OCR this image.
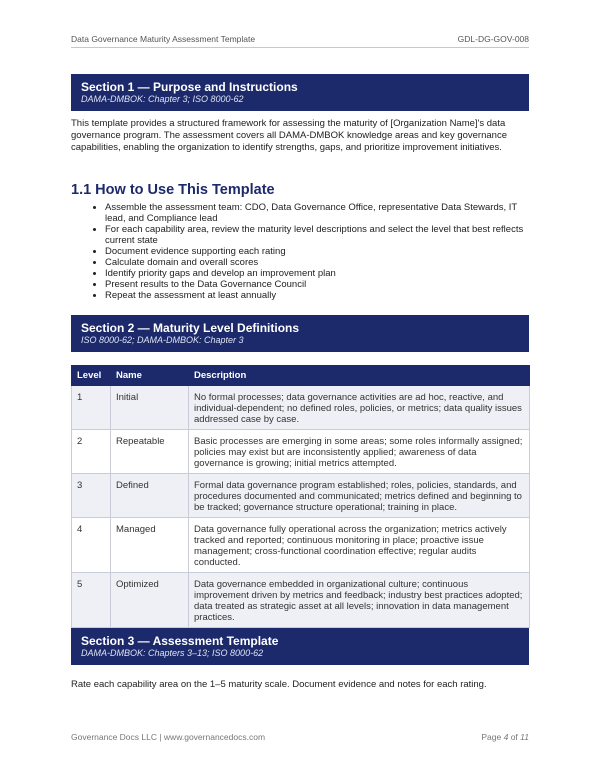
Data Governance Maturity Assessment Template	GDL-DG-GOV-008
Section 1 — Purpose and Instructions
DAMA-DMBOK: Chapter 3; ISO 8000-62
This template provides a structured framework for assessing the maturity of [Organization Name]'s data governance program. The assessment covers all DAMA-DMBOK knowledge areas and key governance capabilities, enabling the organization to identify strengths, gaps, and prioritize improvement initiatives.
1.1 How to Use This Template
• Assemble the assessment team: CDO, Data Governance Office, representative Data Stewards, IT lead, and Compliance lead
• For each capability area, review the maturity level descriptions and select the level that best reflects current state
• Document evidence supporting each rating
• Calculate domain and overall scores
• Identify priority gaps and develop an improvement plan
• Present results to the Data Governance Council
• Repeat the assessment at least annually
Section 2 — Maturity Level Definitions
ISO 8000-62; DAMA-DMBOK: Chapter 3
Level	Name	Description
1	Initial	No formal processes; data governance activities are ad hoc, reactive, and individual-dependent; no defined roles, policies, or metrics; data quality issues addressed case by case.
2	Repeatable	Basic processes are emerging in some areas; some roles informally assigned; policies may exist but are inconsistently applied; awareness of data governance is growing; initial metrics attempted.
3	Defined	Formal data governance program established; roles, policies, standards, and procedures documented and communicated; metrics defined and beginning to be tracked; governance structure operational; training in place.
4	Managed	Data governance fully operational across the organization; metrics actively tracked and reported; continuous monitoring in place; proactive issue management; cross-functional coordination effective; regular audits conducted.
5	Optimized	Data governance embedded in organizational culture; continuous improvement driven by metrics and feedback; industry best practices adopted; data treated as strategic asset at all levels; innovation in data management practices.
Section 3 — Assessment Template
DAMA-DMBOK: Chapters 3–13; ISO 8000-62
Rate each capability area on the 1–5 maturity scale. Document evidence and notes for each rating.
Governance Docs LLC | www.governancedocs.com	Page 4 of 11
